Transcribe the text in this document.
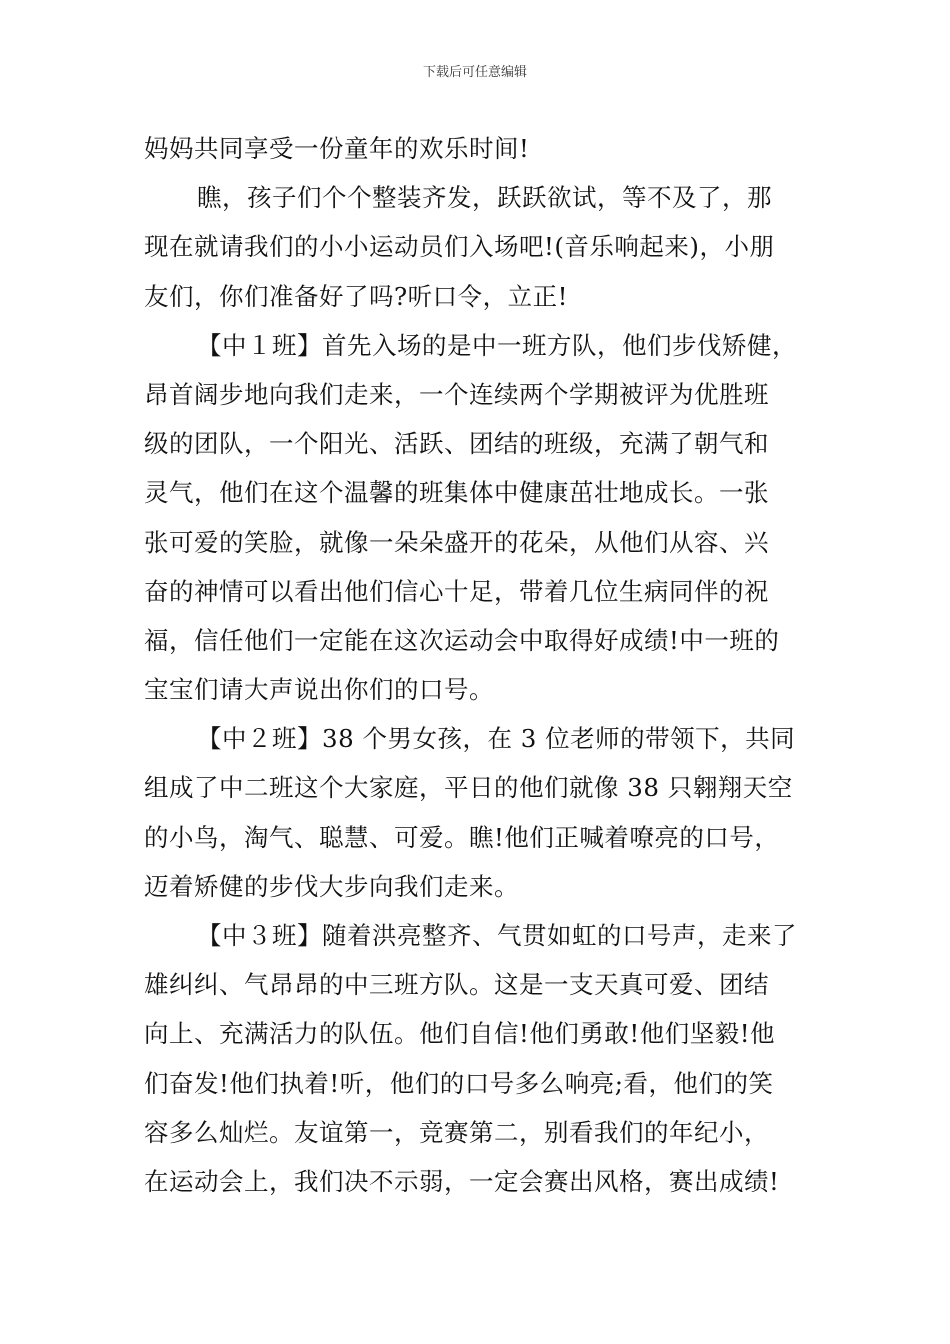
下载后可任意编辑
妈妈共同享受一份童年的欢乐时间!
瞧，孩子们个个整装齐发，跃跃欲试，等不及了，那
现在就请我们的小小运动员们入场吧!(音乐响起来)，小朋
友们，你们准备好了吗?听口令，立正!
【中１班】首先入场的是中一班方队，他们步伐矫健，
昂首阔步地向我们走来，一个连续两个学期被评为优胜班
级的团队，一个阳光、活跃、团结的班级，充满了朝气和
灵气，他们在这个温馨的班集体中健康茁壮地成长。一张
张可爱的笑脸，就像一朵朵盛开的花朵，从他们从容、兴
奋的神情可以看出他们信心十足，带着几位生病同伴的祝
福，信任他们一定能在这次运动会中取得好成绩!中一班的
宝宝们请大声说出你们的口号。
【中２班】38 个男女孩，在 3 位老师的带领下，共同
组成了中二班这个大家庭，平日的他们就像 38 只翱翔天空
的小鸟，淘气、聪慧、可爱。瞧!他们正喊着嘹亮的口号，
迈着矫健的步伐大步向我们走来。
【中３班】随着洪亮整齐、气贯如虹的口号声，走来了
雄纠纠、气昂昂的中三班方队。这是一支天真可爱、团结
向上、充满活力的队伍。他们自信!他们勇敢!他们坚毅!他
们奋发!他们执着!听，他们的口号多么响亮;看，他们的笑
容多么灿烂。友谊第一，竞赛第二，别看我们的年纪小，
在运动会上，我们决不示弱，一定会赛出风格，赛出成绩!
